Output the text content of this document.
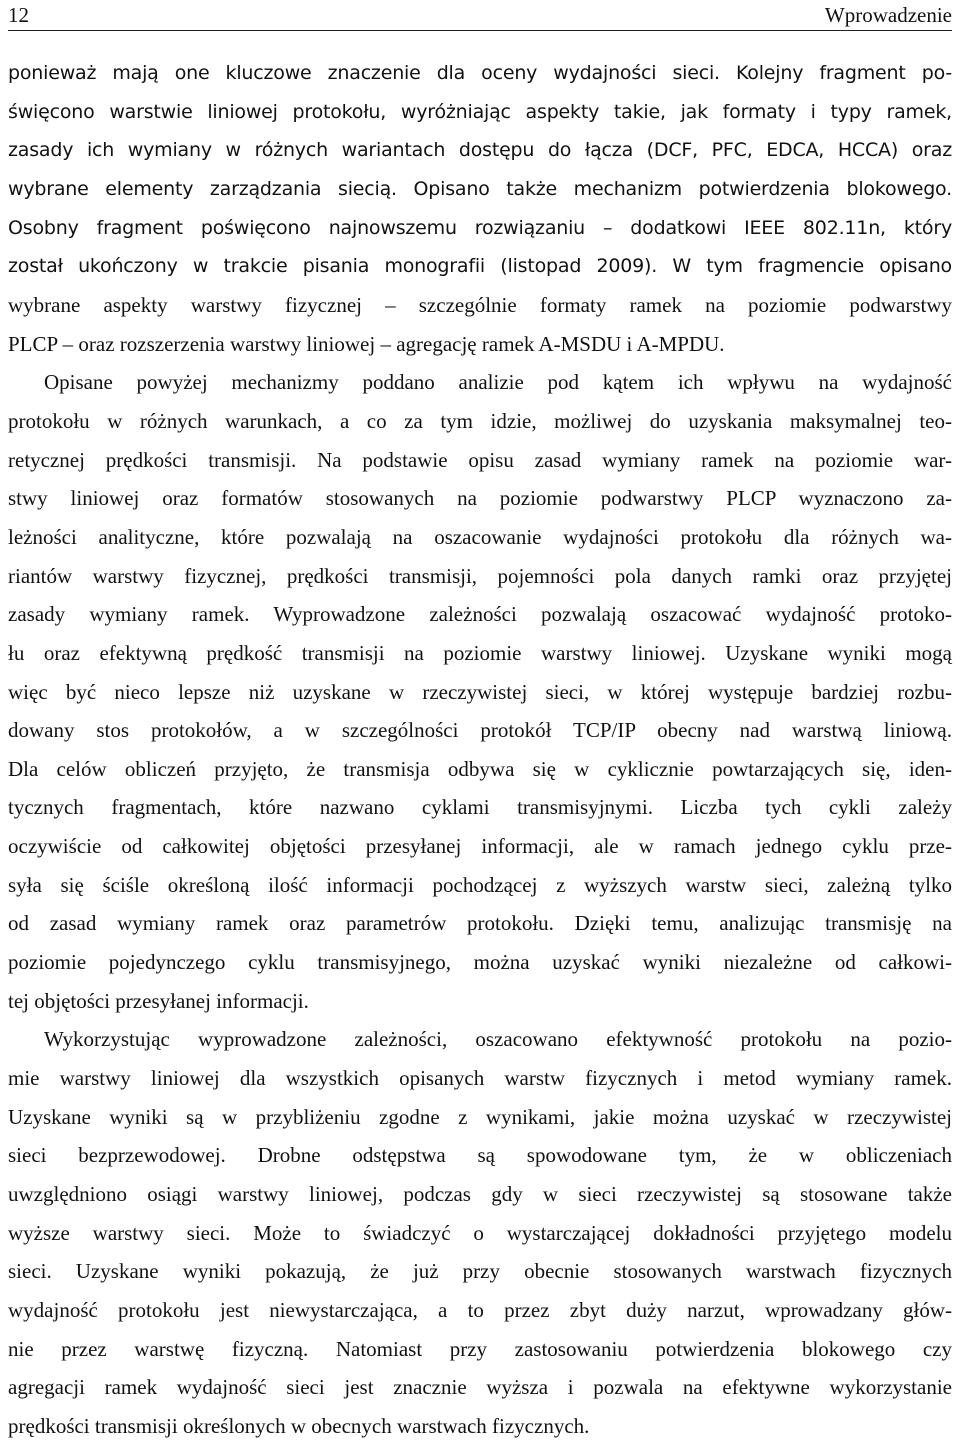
12	Wprowadzenie
ponieważ mają one kluczowe znaczenie dla oceny wydajności sieci. Kolejny fragment po-
święcono warstwie liniowej protokołu, wyróżniając aspekty takie, jak formaty i typy ramek,
zasady ich wymiany w różnych wariantach dostępu do łącza (DCF, PFC, EDCA, HCCA) oraz
wybrane elementy zarządzania siecią. Opisano także mechanizm potwierdzenia blokowego.
Osobny fragment poświęcono najnowszemu rozwiązaniu – dodatkowi IEEE 802.11n, który
został ukończony w trakcie pisania monografii (listopad 2009). W tym fragmencie opisano
wybrane aspekty warstwy fizycznej – szczególnie formaty ramek na poziomie podwarstwy
PLCP – oraz rozszerzenia warstwy liniowej – agregację ramek A-MSDU i A-MPDU.
Opisane powyżej mechanizmy poddano analizie pod kątem ich wpływu na wydajność
protokołu w różnych warunkach, a co za tym idzie, możliwej do uzyskania maksymalnej teo-
retycznej prędkości transmisji. Na podstawie opisu zasad wymiany ramek na poziomie war-
stwy liniowej oraz formatów stosowanych na poziomie podwarstwy PLCP wyznaczono za-
leżności analityczne, które pozwalają na oszacowanie wydajności protokołu dla różnych wa-
riantów warstwy fizycznej, prędkości transmisji, pojemności pola danych ramki oraz przyjętej
zasady wymiany ramek. Wyprowadzone zależności pozwalają oszacować wydajność protoko-
łu oraz efektywną prędkość transmisji na poziomie warstwy liniowej. Uzyskane wyniki mogą
więc być nieco lepsze niż uzyskane w rzeczywistej sieci, w której występuje bardziej rozbu-
dowany stos protokołów, a w szczególności protokół TCP/IP obecny nad warstwą liniową.
Dla celów obliczeń przyjęto, że transmisja odbywa się w cyklicznie powtarzających się, iden-
tycznych fragmentach, które nazwano cyklami transmisyjnymi. Liczba tych cykli zależy
oczywiście od całkowitej objętości przesyłanej informacji, ale w ramach jednego cyklu prze-
syła się ściśle określoną ilość informacji pochodzącej z wyższych warstw sieci, zależną tylko
od zasad wymiany ramek oraz parametrów protokołu. Dzięki temu, analizując transmisję na
poziomie pojedynczego cyklu transmisyjnego, można uzyskać wyniki niezależne od całkowi-
tej objętości przesyłanej informacji.
Wykorzystując wyprowadzone zależności, oszacowano efektywność protokołu na pozio-
mie warstwy liniowej dla wszystkich opisanych warstw fizycznych i metod wymiany ramek.
Uzyskane wyniki są w przybliżeniu zgodne z wynikami, jakie można uzyskać w rzeczywistej
sieci bezprzewodowej. Drobne odstępstwa są spowodowane tym, że w obliczeniach
uwzględniono osiągi warstwy liniowej, podczas gdy w sieci rzeczywistej są stosowane także
wyższe warstwy sieci. Może to świadczyć o wystarczającej dokładności przyjętego modelu
sieci. Uzyskane wyniki pokazują, że już przy obecnie stosowanych warstwach fizycznych
wydajność protokołu jest niewystarczająca, a to przez zbyt duży narzut, wprowadzany głów-
nie przez warstwę fizyczną. Natomiast przy zastosowaniu potwierdzenia blokowego czy
agregacji ramek wydajność sieci jest znacznie wyższa i pozwala na efektywne wykorzystanie
prędkości transmisji określonych w obecnych warstwach fizycznych.
